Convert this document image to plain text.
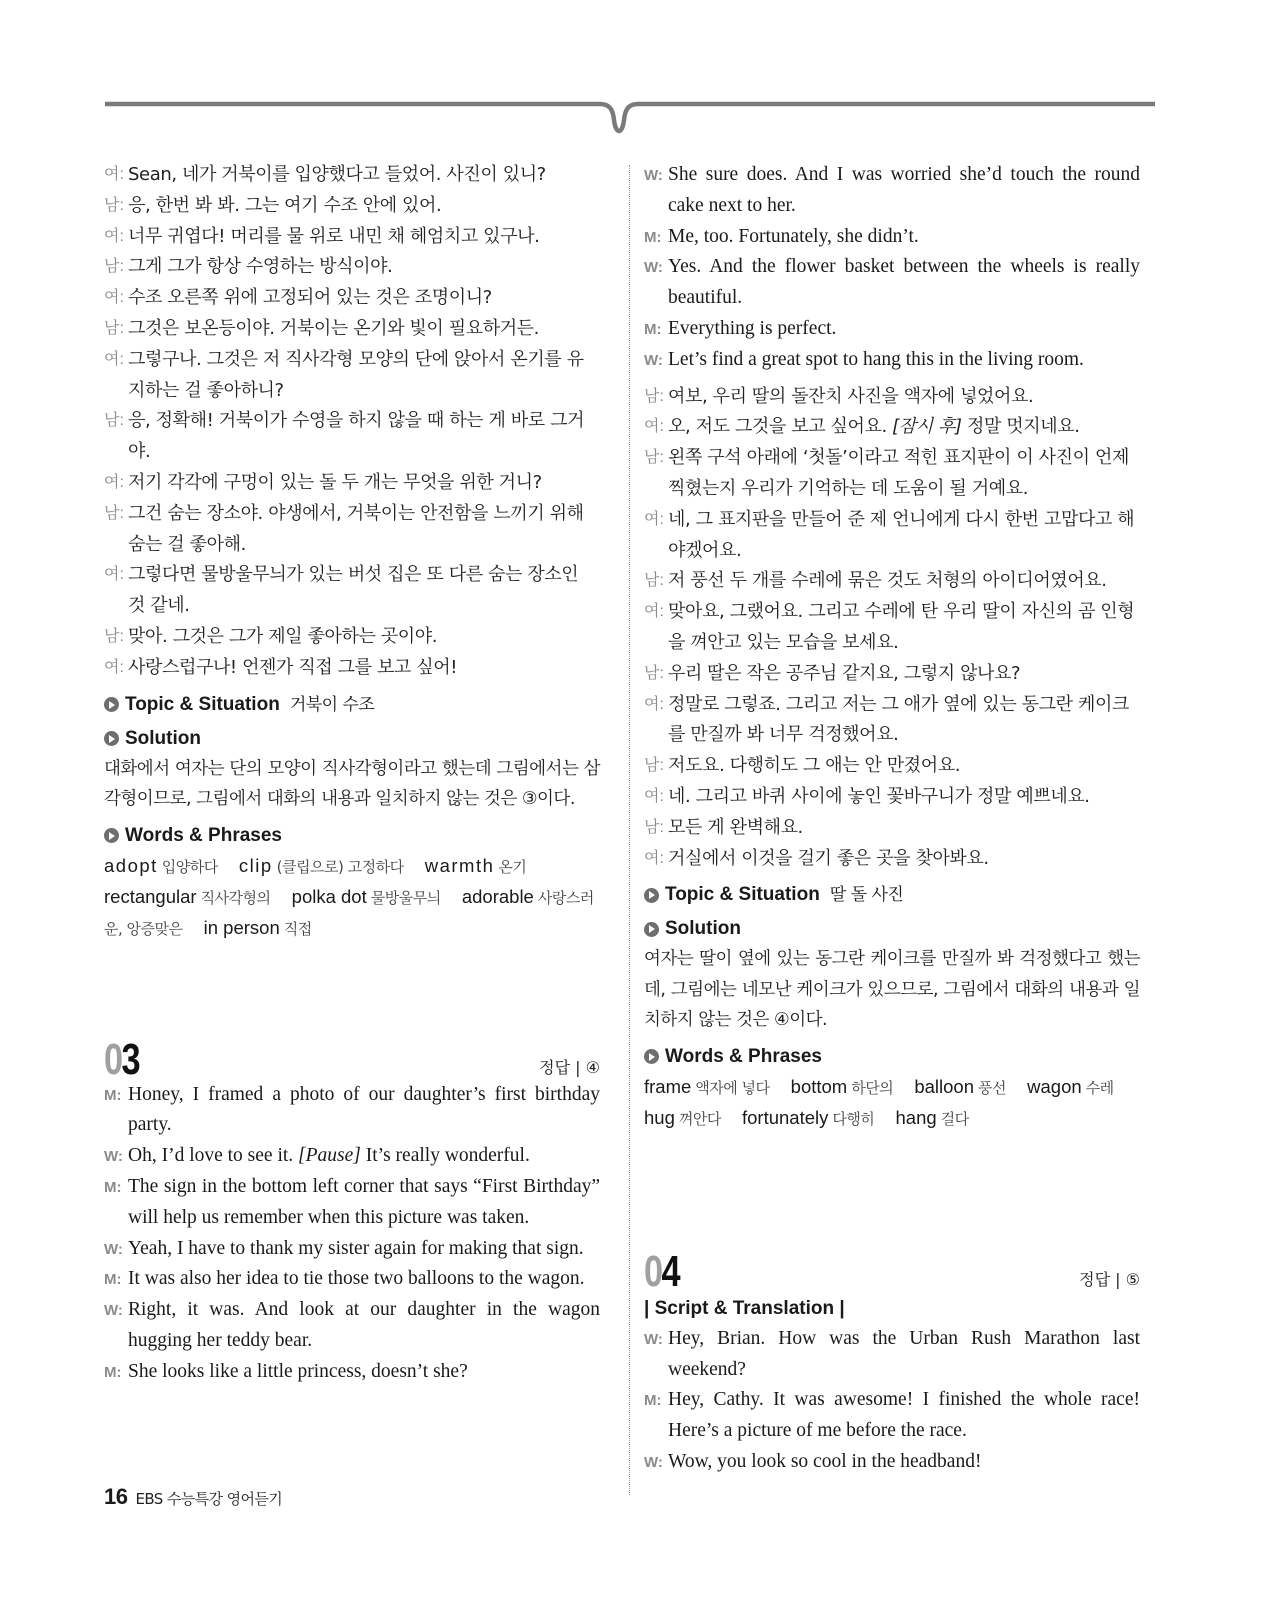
여: Sean, 네가 거북이를 입양했다고 들었어. 사진이 있니?
남: 응, 한번 봐 봐. 그는 여기 수조 안에 있어.
여: 너무 귀엽다! 머리를 물 위로 내민 채 헤엄치고 있구나.
남: 그게 그가 항상 수영하는 방식이야.
여: 수조 오른쪽 위에 고정되어 있는 것은 조명이니?
남: 그것은 보온등이야. 거북이는 온기와 빛이 필요하거든.
여: 그렇구나. 그것은 저 직사각형 모양의 단에 앉아서 온기를 유지하는 걸 좋아하니?
남: 응, 정확해! 거북이가 수영을 하지 않을 때 하는 게 바로 그거야.
여: 저기 각각에 구멍이 있는 돌 두 개는 무엇을 위한 거니?
남: 그건 숨는 장소야. 야생에서, 거북이는 안전함을 느끼기 위해 숨는 걸 좋아해.
여: 그렇다면 물방울무늬가 있는 버섯 집은 또 다른 숨는 장소인 것 같네.
남: 맞아. 그것은 그가 제일 좋아하는 곳이야.
여: 사랑스럽구나! 언젠가 직접 그를 보고 싶어!
Topic & Situation 거북이 수조
Solution
대화에서 여자는 단의 모양이 직사각형이라고 했는데 그림에서는 삼각형이므로, 그림에서 대화의 내용과 일치하지 않는 것은 ③이다.
Words & Phrases
adopt 입양하다 clip (클립으로) 고정하다 warmth 온기 rectangular 직사각형의 polka dot 물방울무늬 adorable 사랑스러운, 앙증맞은 in person 직접
03	정답 | ④
M: Honey, I framed a photo of our daughter’s first birthday party.
W: Oh, I’d love to see it. [Pause] It’s really wonderful.
M: The sign in the bottom left corner that says “First Birthday” will help us remember when this picture was taken.
W: Yeah, I have to thank my sister again for making that sign.
M: It was also her idea to tie those two balloons to the wagon.
W: Right, it was. And look at our daughter in the wagon hugging her teddy bear.
M: She looks like a little princess, doesn’t she?
W: She sure does. And I was worried she’d touch the round cake next to her.
M: Me, too. Fortunately, she didn’t.
W: Yes. And the flower basket between the wheels is really beautiful.
M: Everything is perfect.
W: Let’s find a great spot to hang this in the living room.
남: 여보, 우리 딸의 돌잔치 사진을 액자에 넣었어요.
여: 오, 저도 그것을 보고 싶어요. [잠시 후] 정말 멋지네요.
남: 왼쪽 구석 아래에 ‘첫돌’이라고 적힌 표지판이 이 사진이 언제 찍혔는지 우리가 기억하는 데 도움이 될 거예요.
여: 네, 그 표지판을 만들어 준 제 언니에게 다시 한번 고맙다고 해야겠어요.
남: 저 풍선 두 개를 수레에 묶은 것도 처형의 아이디어였어요.
여: 맞아요, 그랬어요. 그리고 수레에 탄 우리 딸이 자신의 곰 인형을 껴안고 있는 모습을 보세요.
남: 우리 딸은 작은 공주님 같지요, 그렇지 않나요?
여: 정말로 그렇죠. 그리고 저는 그 애가 옆에 있는 동그란 케이크를 만질까 봐 너무 걱정했어요.
남: 저도요. 다행히도 그 애는 안 만졌어요.
여: 네. 그리고 바퀴 사이에 놓인 꽃바구니가 정말 예쁘네요.
남: 모든 게 완벽해요.
여: 거실에서 이것을 걸기 좋은 곳을 찾아봐요.
Topic & Situation 딸 돌 사진
Solution
여자는 딸이 옆에 있는 동그란 케이크를 만질까 봐 걱정했다고 했는데, 그림에는 네모난 케이크가 있으므로, 그림에서 대화의 내용과 일치하지 않는 것은 ④이다.
Words & Phrases
frame 액자에 넣다 bottom 하단의 balloon 풍선 wagon 수레 hug 껴안다 fortunately 다행히 hang 걸다
04	정답 | ⑤
| Script & Translation |
W: Hey, Brian. How was the Urban Rush Marathon last weekend?
M: Hey, Cathy. It was awesome! I finished the whole race! Here’s a picture of me before the race.
W: Wow, you look so cool in the headband!
16 EBS 수능특강 영어듣기
